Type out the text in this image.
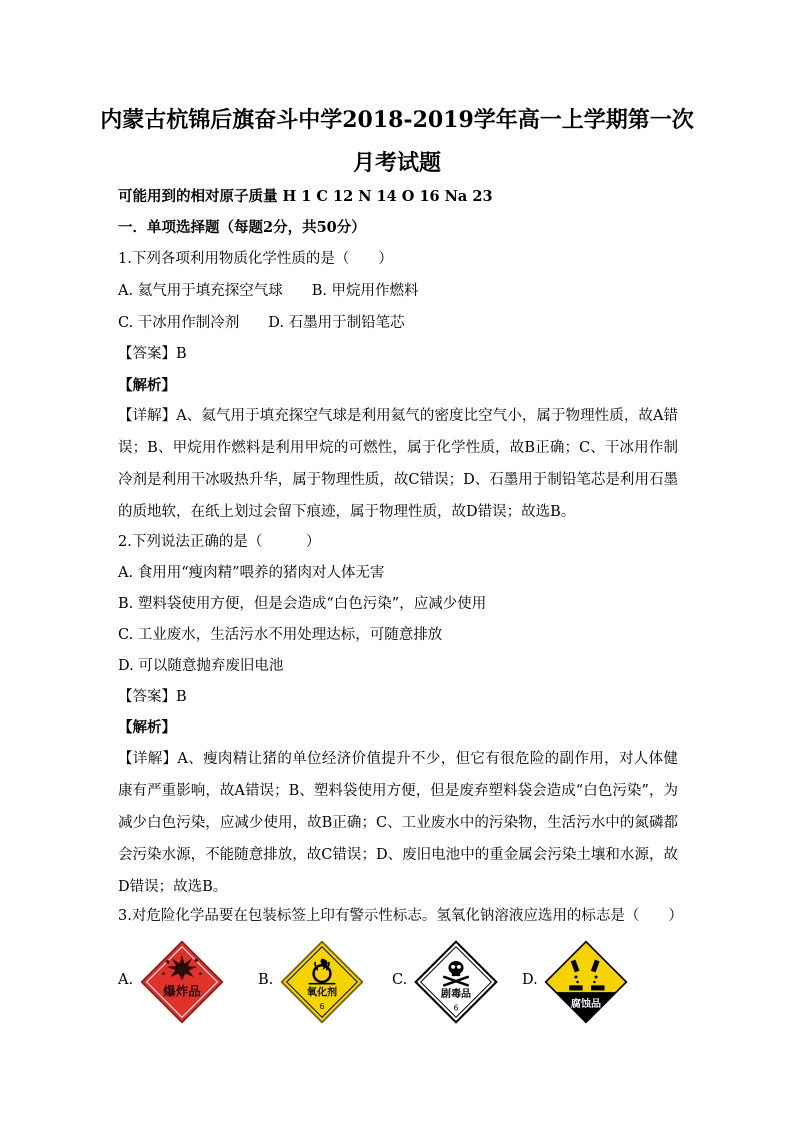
内蒙古杭锦后旗奋斗中学2018-2019学年高一上学期第一次
月考试题
可能用到的相对原子质量 H 1 C 12 N 14 O 16 Na 23
一．单项选择题（每题2分，共50分）
1.下列各项利用物质化学性质的是（　　）
A. 氦气用于填充探空气球　　B. 甲烷用作燃料
C. 干冰用作制冷剂　　D. 石墨用于制铅笔芯
【答案】B
【解析】
【详解】A、氦气用于填充探空气球是利用氦气的密度比空气小，属于物理性质，故A错误；B、甲烷用作燃料是利用甲烷的可燃性，属于化学性质，故B正确；C、干冰用作制冷剂是利用干冰吸热升华，属于物理性质，故C错误；D、石墨用于制铅笔芯是利用石墨的质地软，在纸上划过会留下痕迹，属于物理性质，故D错误；故选B。
2.下列说法正确的是（　　　）
A. 食用用“瘦肉精”喂养的猪肉对人体无害
B. 塑料袋使用方便，但是会造成“白色污染”，应减少使用
C. 工业废水，生活污水不用处理达标，可随意排放
D. 可以随意抛弃废旧电池
【答案】B
【解析】
【详解】A、瘦肉精让猪的单位经济价值提升不少，但它有很危险的副作用，对人体健康有严重影响，故A错误；B、塑料袋使用方便，但是废弃塑料袋会造成“白色污染”，为减少白色污染，应减少使用，故B正确；C、工业废水中的污染物，生活污水中的氮磷都会污染水源，不能随意排放，故C错误；D、废旧电池中的重金属会污染土壤和水源，故D错误；故选B。
3.对危险化学品要在包装标签上印有警示性标志。氢氧化钠溶液应选用的标志是（　　）
A.
爆炸品
B.
氧化剂
6
C.
剧毒品
6
D.
腐蚀品
